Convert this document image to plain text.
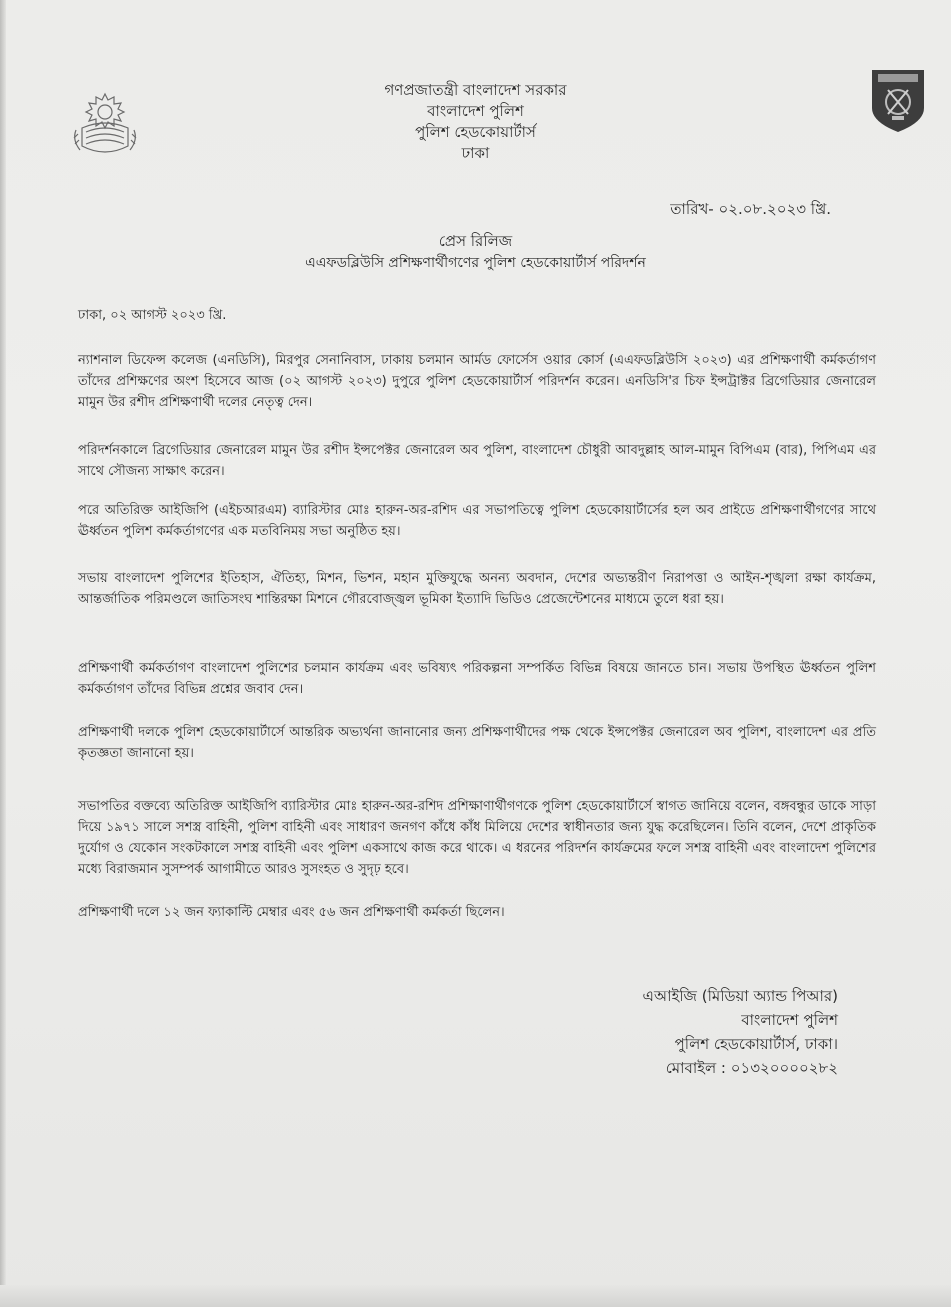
গণপ্রজাতন্ত্রী বাংলাদেশ সরকার
বাংলাদেশ পুলিশ
পুলিশ হেডকোয়ার্টার্স
ঢাকা
তারিখ- ০২.০৮.২০২৩ খ্রি.
প্রেস রিলিজ
এএফডব্লিউসি প্রশিক্ষণার্থীগণের পুলিশ হেডকোয়ার্টার্স পরিদর্শন
ঢাকা, ০২ আগস্ট ২০২৩ খ্রি.
ন্যাশনাল ডিফেন্স কলেজ (এনডিসি), মিরপুর সেনানিবাস, ঢাকায় চলমান আর্মড ফোর্সেস ওয়ার কোর্স (এএফডব্লিউসি ২০২৩) এর প্রশিক্ষণার্থী কর্মকর্তাগণ তাঁদের প্রশিক্ষণের অংশ হিসেবে আজ (০২ আগস্ট ২০২৩) দুপুরে পুলিশ হেডকোয়ার্টার্স পরিদর্শন করেন। এনডিসি'র চিফ ইন্সট্রাক্টর ব্রিগেডিয়ার জেনারেল মামুন উর রশীদ প্রশিক্ষণার্থী দলের নেতৃত্ব দেন।
পরিদর্শনকালে ব্রিগেডিয়ার জেনারেল মামুন উর রশীদ ইন্সপেক্টর জেনারেল অব পুলিশ, বাংলাদেশ চৌধুরী আবদুল্লাহ আল-মামুন বিপিএম (বার), পিপিএম এর সাথে সৌজন্য সাক্ষাৎ করেন।
পরে অতিরিক্ত আইজিপি (এইচআরএম) ব্যারিস্টার মোঃ হারুন-অর-রশিদ এর সভাপতিত্বে পুলিশ হেডকোয়ার্টার্সের হল অব প্রাইডে প্রশিক্ষণার্থীগণের সাথে ঊর্ধ্বতন পুলিশ কর্মকর্তাগণের এক মতবিনিময় সভা অনুষ্ঠিত হয়।
সভায় বাংলাদেশ পুলিশের ইতিহাস, ঐতিহ্য, মিশন, ভিশন, মহান মুক্তিযুদ্ধে অনন্য অবদান, দেশের অভ্যন্তরীণ নিরাপত্তা ও আইন-শৃঙ্খলা রক্ষা কার্যক্রম, আন্তর্জাতিক পরিমণ্ডলে জাতিসংঘ শান্তিরক্ষা মিশনে গৌরবোজ্জ্বল ভূমিকা ইত্যাদি ভিডিও প্রেজেন্টেশনের মাধ্যমে তুলে ধরা হয়।
প্রশিক্ষণার্থী কর্মকর্তাগণ বাংলাদেশ পুলিশের চলমান কার্যক্রম এবং ভবিষ্যৎ পরিকল্পনা সম্পর্কিত বিভিন্ন বিষয়ে জানতে চান। সভায় উপস্থিত ঊর্ধ্বতন পুলিশ কর্মকর্তাগণ তাঁদের বিভিন্ন প্রশ্নের জবাব দেন।
প্রশিক্ষণার্থী দলকে পুলিশ হেডকোয়ার্টার্সে আন্তরিক অভ্যর্থনা জানানোর জন্য প্রশিক্ষণার্থীদের পক্ষ থেকে ইন্সপেক্টর জেনারেল অব পুলিশ, বাংলাদেশ এর প্রতি কৃতজ্ঞতা জানানো হয়।
সভাপতির বক্তব্যে অতিরিক্ত আইজিপি ব্যারিস্টার মোঃ হারুন-অর-রশিদ প্রশিক্ষাণার্থীগণকে পুলিশ হেডকোয়ার্টার্সে স্বাগত জানিয়ে বলেন, বঙ্গবন্ধুর ডাকে সাড়া দিয়ে ১৯৭১ সালে সশস্ত্র বাহিনী, পুলিশ বাহিনী এবং সাধারণ জনগণ কাঁধে কাঁধ মিলিয়ে দেশের স্বাধীনতার জন্য যুদ্ধ করেছিলেন। তিনি বলেন, দেশে প্রাকৃতিক দুর্যোগ ও যেকোন সংকটকালে সশস্ত্র বাহিনী এবং পুলিশ একসাথে কাজ করে থাকে। এ ধরনের পরিদর্শন কার্যক্রমের ফলে সশস্ত্র বাহিনী এবং বাংলাদেশ পুলিশের মধ্যে বিরাজমান সুসম্পর্ক আগামীতে আরও সুসংহত ও সুদৃঢ় হবে।
প্রশিক্ষণার্থী দলে ১২ জন ফ্যাকাল্টি মেম্বার এবং ৫৬ জন প্রশিক্ষণার্থী কর্মকর্তা ছিলেন।
এআইজি (মিডিয়া অ্যান্ড পিআর)
বাংলাদেশ পুলিশ
পুলিশ হেডকোয়ার্টার্স, ঢাকা।
মোবাইল : ০১৩২০০০০২৮২
